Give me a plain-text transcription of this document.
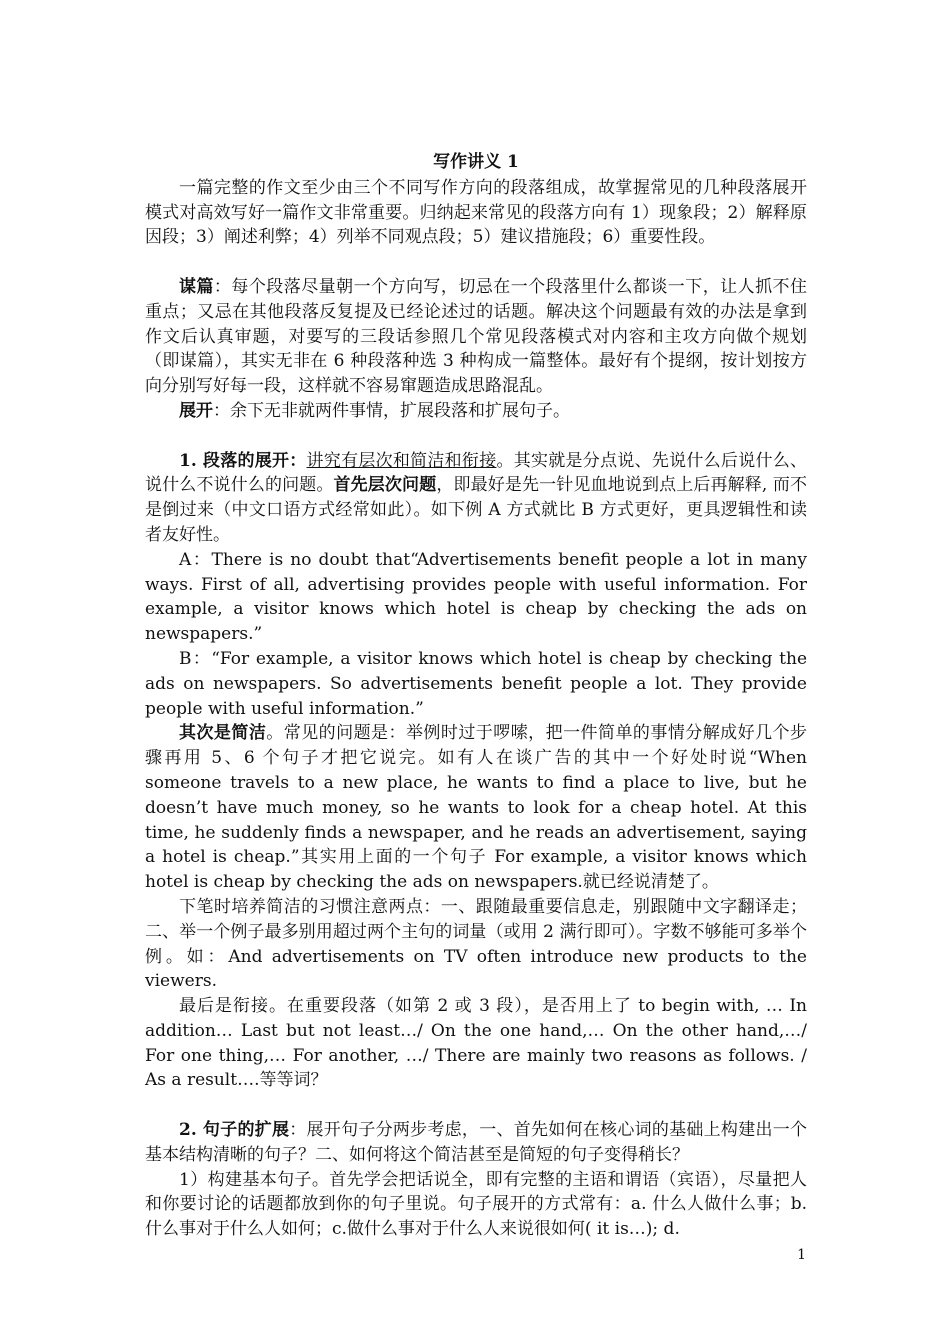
写作讲义 1

一篇完整的作文至少由三个不同写作方向的段落组成，故掌握常见的几种段落展开模式对高效写好一篇作文非常重要。归纳起来常见的段落方向有 1）现象段；2）解释原因段；3）阐述利弊；4）列举不同观点段；5）建议措施段；6）重要性段。

谋篇：每个段落尽量朝一个方向写，切忌在一个段落里什么都谈一下，让人抓不住重点；又忌在其他段落反复提及已经论述过的话题。解决这个问题最有效的办法是拿到作文后认真审题，对要写的三段话参照几个常见段落模式对内容和主攻方向做个规划（即谋篇），其实无非在 6 种段落种选 3 种构成一篇整体。最好有个提纲，按计划按方向分别写好每一段，这样就不容易窜题造成思路混乱。

展开：余下无非就两件事情，扩展段落和扩展句子。

1. 段落的展开：讲究有层次和简洁和衔接。其实就是分点说、先说什么后说什么、说什么不说什么的问题。首先层次问题，即最好是先一针见血地说到点上后再解释, 而不是倒过来（中文口语方式经常如此）。如下例 A 方式就比 B 方式更好，更具逻辑性和读者友好性。

A：There is no doubt that“Advertisements benefit people a lot in many ways. First of all, advertising provides people with useful information. For example, a visitor knows which hotel is cheap by checking the ads on newspapers.”

B：“For example, a visitor knows which hotel is cheap by checking the ads on newspapers. So advertisements benefit people a lot. They provide people with useful information.”

其次是简洁。常见的问题是：举例时过于啰嗦，把一件简单的事情分解成好几个步骤再用 5、6 个句子才把它说完。如有人在谈广告的其中一个好处时说“When someone travels to a new place, he wants to find a place to live, but he doesn’t have much money, so he wants to look for a cheap hotel. At this time, he suddenly finds a newspaper, and he reads an advertisement, saying a hotel is cheap.”其实用上面的一个句子 For example, a visitor knows which hotel is cheap by checking the ads on newspapers.就已经说清楚了。

下笔时培养简洁的习惯注意两点：一、跟随最重要信息走，别跟随中文字翻译走；二、举一个例子最多别用超过两个主句的词量（或用 2 满行即可）。字数不够能可多举个例。如：And advertisements on TV often introduce new products to the viewers.

最后是衔接。在重要段落（如第 2 或 3 段），是否用上了 to begin with, … In addition… Last but not least…/ On the one hand,… On the other hand,…/ For one thing,… For another, …/ There are mainly two reasons as follows. / As a result….等等词？

2. 句子的扩展：展开句子分两步考虑，一、首先如何在核心词的基础上构建出一个基本结构清晰的句子？二、如何将这个简洁甚至是简短的句子变得稍长？

1）构建基本句子。首先学会把话说全，即有完整的主语和谓语（宾语），尽量把人和你要讨论的话题都放到你的句子里说。句子展开的方式常有：a. 什么人做什么事；b. 什么事对于什么人如何；c.做什么事对于什么人来说很如何( it is…); d.

1
